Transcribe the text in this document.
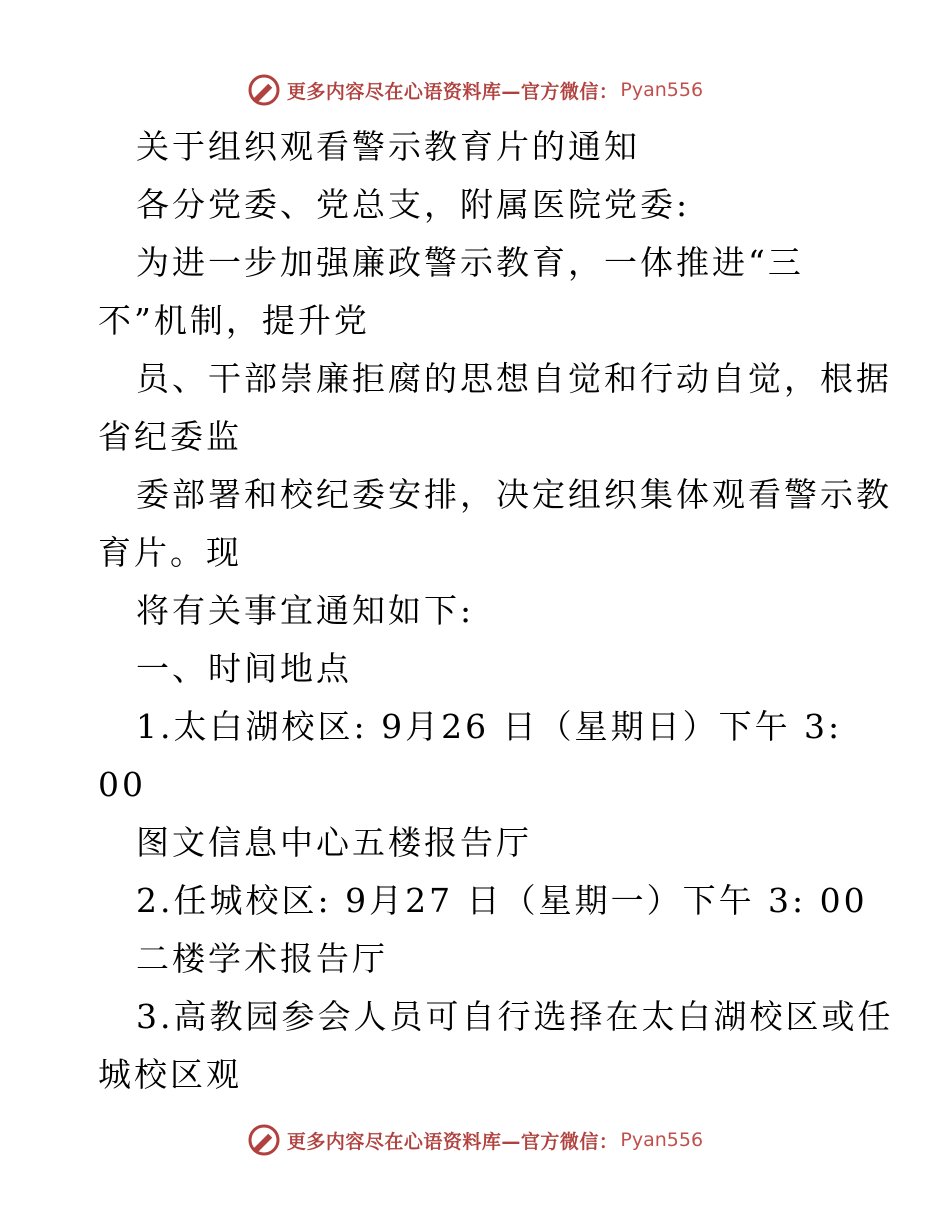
更多内容尽在心语资料库—官方微信： Pyan556
关于组织观看警示教育片的通知
各分党委、党总支，附属医院党委:
为进一步加强廉政警示教育，一体推进“三
不”机制，提升党
员、干部崇廉拒腐的思想自觉和行动自觉，根据
省纪委监
委部署和校纪委安排，决定组织集体观看警示教
育片。现
将有关事宜通知如下:
一、时间地点
1.太白湖校区: 9月26 日（星期日）下午 3:
00
图文信息中心五楼报告厅
2.任城校区: 9月27 日（星期一）下午 3: 00
二楼学术报告厅
3.高教园参会人员可自行选择在太白湖校区或任
城校区观
更多内容尽在心语资料库—官方微信： Pyan556
